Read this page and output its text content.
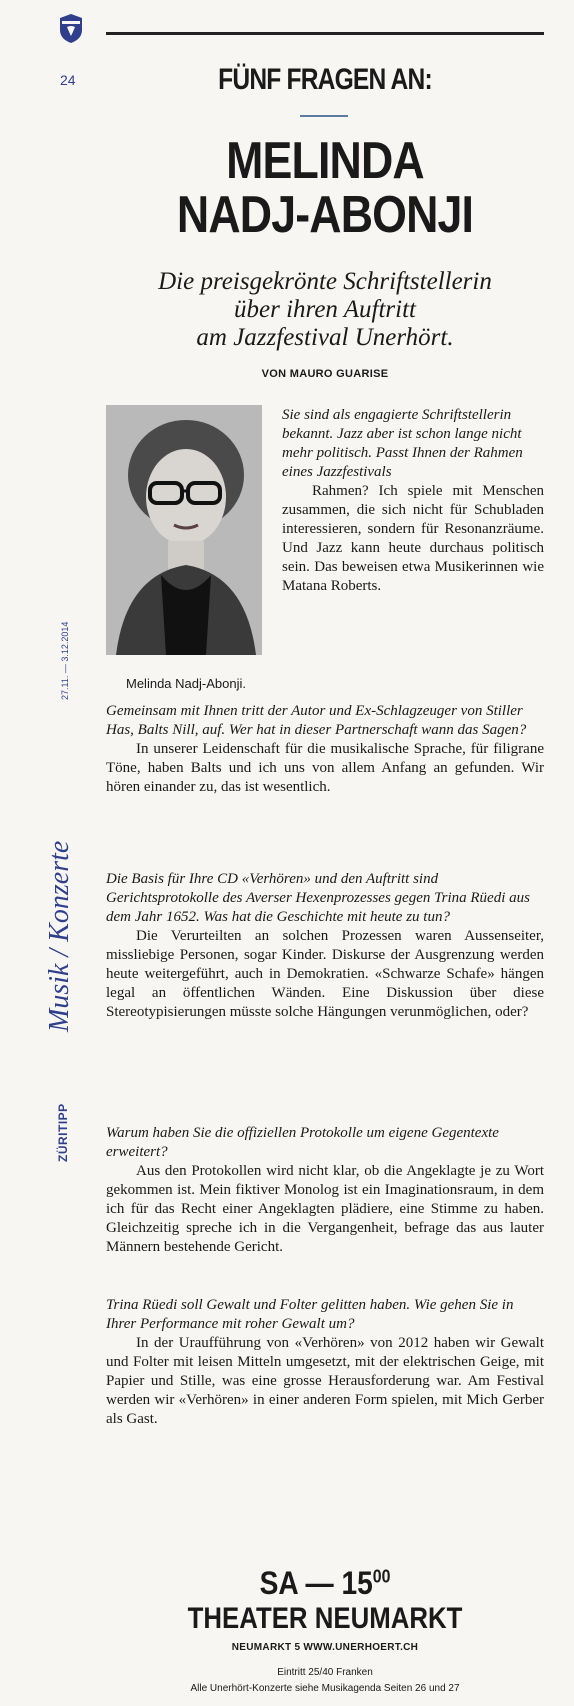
24	FÜNF FRAGEN AN:
MELINDA
NADJ-ABONJI
Die preisgekrönte Schriftstellerin
über ihren Auftritt
am Jazzfestival Unerhört.
VON MAURO GUARISE
Melinda Nadj-Abonji.
27.11. — 3.12.2014
Musik / Konzerte
ZÜRITIPP

Sie sind als engagierte Schriftstellerin bekannt. Jazz aber ist schon lange nicht mehr politisch. Passt Ihnen der Rahmen eines Jazzfestivals

Rahmen? Ich spiele mit Menschen zusammen, die sich nicht für Schubladen interessieren, sondern für Resonanzräume. Und Jazz kann heute durchaus politisch sein. Das beweisen etwa Musikerinnen wie Matana Roberts.

Gemeinsam mit Ihnen tritt der Autor und Ex-Schlagzeuger von Stiller Has, Balts Nill, auf. Wer hat in dieser Partnerschaft wann das Sagen?

In unserer Leidenschaft für die musikalische Sprache, für filigrane Töne, haben Balts und ich uns von allem Anfang an gefunden. Wir hören einander zu, das ist wesentlich.

Die Basis für Ihre CD «Verhören» und den Auftritt sind Gerichtsprotokolle des Averser Hexenprozesses gegen Trina Rüedi aus dem Jahr 1652. Was hat die Geschichte mit heute zu tun?

Die Verurteilten an solchen Prozessen waren Aussenseiter, missliebige Personen, sogar Kinder. Diskurse der Ausgrenzung werden heute weitergeführt, auch in Demokratien. «Schwarze Schafe» hängen legal an öffentlichen Wänden. Eine Diskussion über diese Stereotypisierungen müsste solche Hängungen verunmöglichen, oder?

Warum haben Sie die offiziellen Protokolle um eigene Gegentexte erweitert?

Aus den Protokollen wird nicht klar, ob die Angeklagte je zu Wort gekommen ist. Mein fiktiver Monolog ist ein Imaginationsraum, in dem ich für das Recht einer Angeklagten plädiere, eine Stimme zu haben. Gleichzeitig spreche ich in die Vergangenheit, befrage das aus lauter Männern bestehende Gericht.

Trina Rüedi soll Gewalt und Folter gelitten haben. Wie gehen Sie in Ihrer Performance mit roher Gewalt um?

In der Uraufführung von «Verhören» von 2012 haben wir Gewalt und Folter mit leisen Mitteln umgesetzt, mit der elektrischen Geige, mit Papier und Stille, was eine grosse Herausforderung war. Am Festival werden wir «Verhören» in einer anderen Form spielen, mit Mich Gerber als Gast.

SA — $15^{00}$
THEATER NEUMARKT
NEUMARKT 5 WWW.UNERHOERT.CH
Eintritt 25/40 Franken
Alle Unerhört-Konzerte siehe Musikagenda Seiten 26 und 27
